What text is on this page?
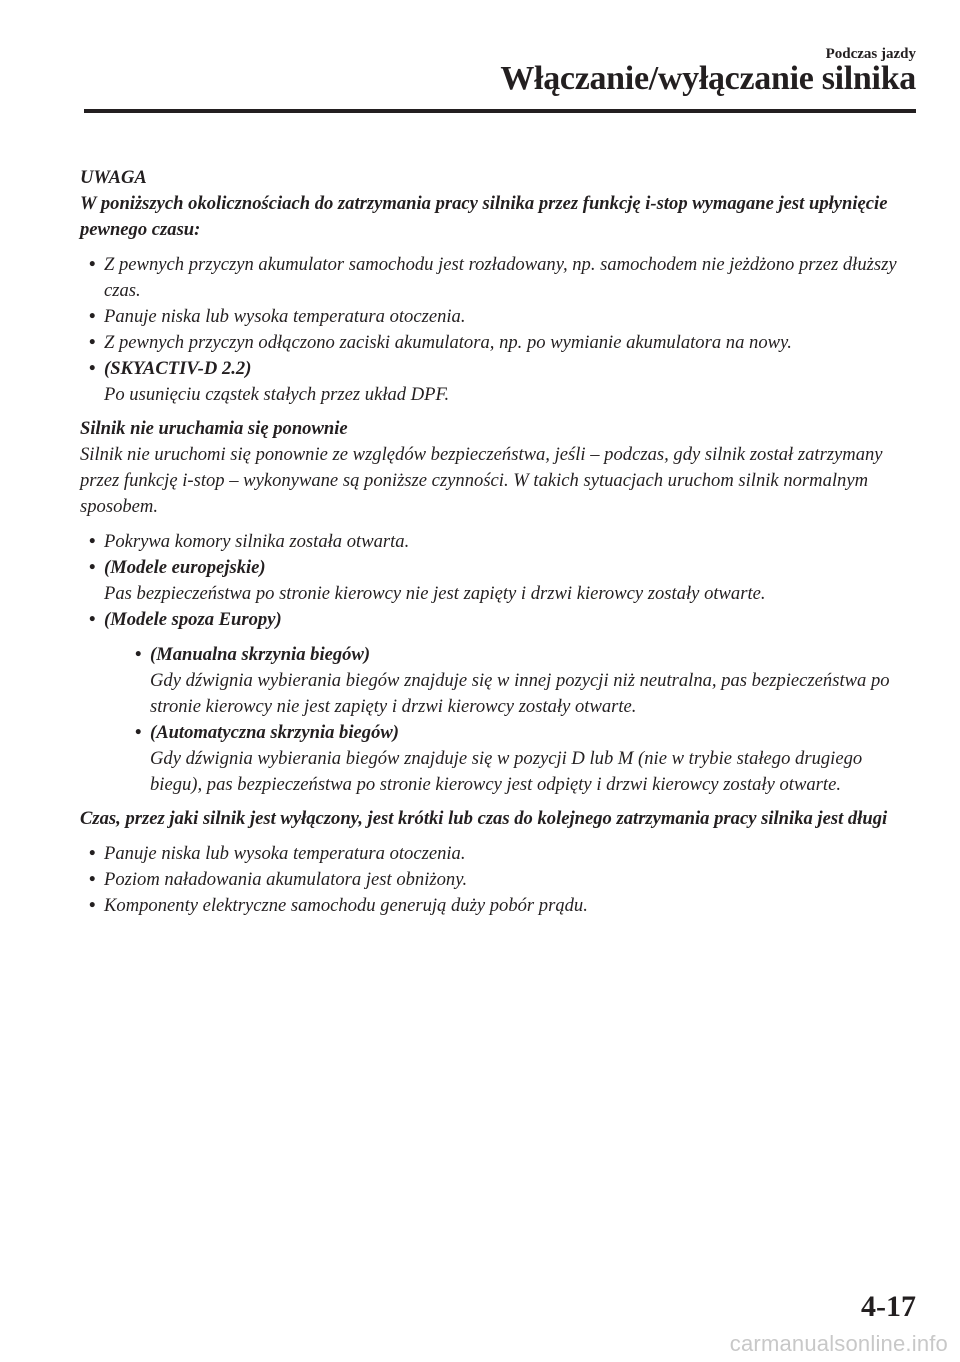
Podczas jazdy
Włączanie/wyłączanie silnika

UWAGA

W poniższych okolicznościach do zatrzymania pracy silnika przez funkcję i-stop wymagane jest upłynięcie pewnego czasu:

• Z pewnych przyczyn akumulator samochodu jest rozładowany, np. samochodem nie jeżdżono przez dłuższy czas.
• Panuje niska lub wysoka temperatura otoczenia.
• Z pewnych przyczyn odłączono zaciski akumulatora, np. po wymianie akumulatora na nowy.
• (SKYACTIV-D 2.2)
Po usunięciu cząstek stałych przez układ DPF.

Silnik nie uruchamia się ponownie

Silnik nie uruchomi się ponownie ze względów bezpieczeństwa, jeśli – podczas, gdy silnik został zatrzymany przez funkcję i-stop – wykonywane są poniższe czynności. W takich sytuacjach uruchom silnik normalnym sposobem.

• Pokrywa komory silnika została otwarta.
• (Modele europejskie)
Pas bezpieczeństwa po stronie kierowcy nie jest zapięty i drzwi kierowcy zostały otwarte.
• (Modele spoza Europy)
• (Manualna skrzynia biegów)
Gdy dźwignia wybierania biegów znajduje się w innej pozycji niż neutralna, pas bezpieczeństwa po stronie kierowcy nie jest zapięty i drzwi kierowcy zostały otwarte.
• (Automatyczna skrzynia biegów)
Gdy dźwignia wybierania biegów znajduje się w pozycji D lub M (nie w trybie stałego drugiego biegu), pas bezpieczeństwa po stronie kierowcy jest odpięty i drzwi kierowcy zostały otwarte.

Czas, przez jaki silnik jest wyłączony, jest krótki lub czas do kolejnego zatrzymania pracy silnika jest długi

• Panuje niska lub wysoka temperatura otoczenia.
• Poziom naładowania akumulatora jest obniżony.
• Komponenty elektryczne samochodu generują duży pobór prądu.
4-17
carmanualsonline.info
